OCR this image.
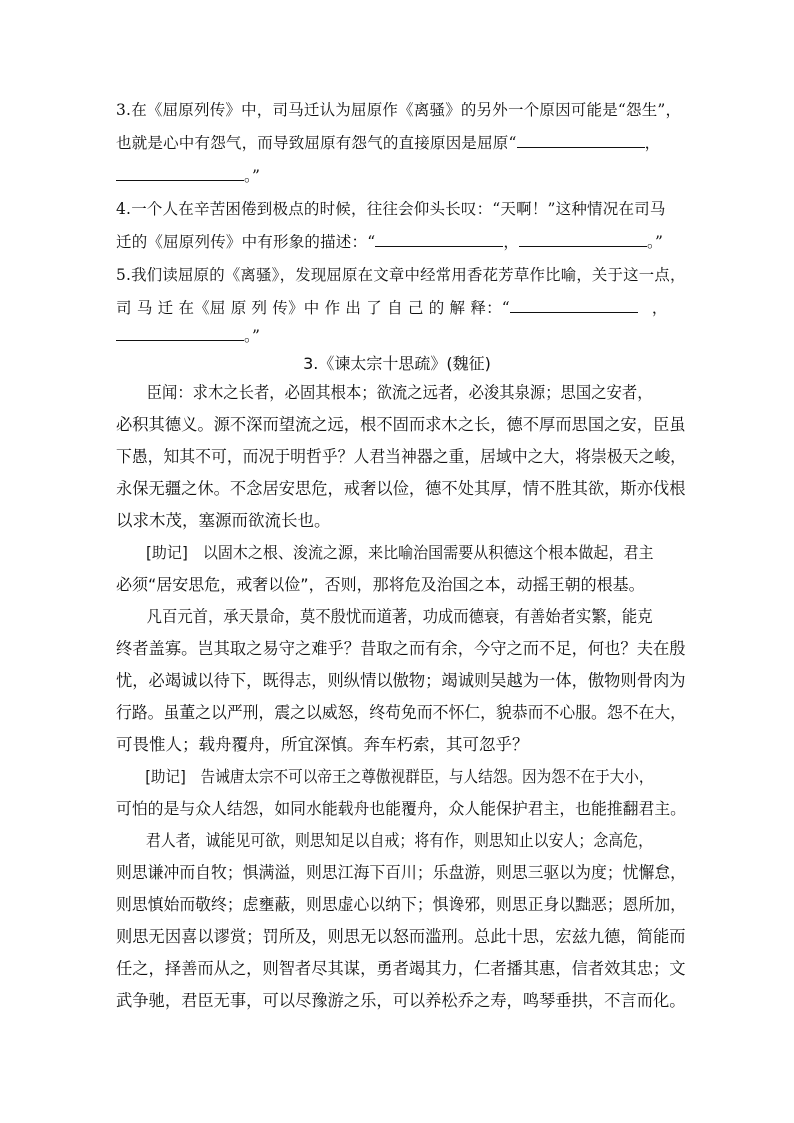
3.在《屈原列传》中，司马迁认为屈原作《离骚》的另外一个原因可能是“怨生”，
也就是心中有怨气，而导致屈原有怨气的直接原因是屈原“	，
。”
4.一个人在辛苦困倦到极点的时候，往往会仰头长叹：“天啊！”这种情况在司马
迁的《屈原列传》中有形象的描述：“	，	。”
5.我们读屈原的《离骚》，发现屈原在文章中经常用香花芳草作比喻，关于这一点，
司 马 迁 在《屈 原 列 传》中 作 出 了 自 己 的 解 释：“	，
。”
3.《谏太宗十思疏》(魏征)
臣闻：求木之长者，必固其根本；欲流之远者，必浚其泉源；思国之安者，
必积其德义。源不深而望流之远，根不固而求木之长，德不厚而思国之安，臣虽
下愚，知其不可，而况于明哲乎？人君当神器之重，居域中之大，将崇极天之峻，
永保无疆之休。不念居安思危，戒奢以俭，德不处其厚，情不胜其欲，斯亦伐根
以求木茂，塞源而欲流长也。
[助记]　以固木之根、浚流之源，来比喻治国需要从积德这个根本做起，君主
必须“居安思危，戒奢以俭”，否则，那将危及治国之本，动摇王朝的根基。
凡百元首，承天景命，莫不殷忧而道著，功成而德衰，有善始者实繁，能克
终者盖寡。岂其取之易守之难乎？昔取之而有余，今守之而不足，何也？夫在殷
忧，必竭诚以待下，既得志，则纵情以傲物；竭诚则吴越为一体，傲物则骨肉为
行路。虽董之以严刑，震之以威怒，终苟免而不怀仁，貌恭而不心服。怨不在大，
可畏惟人；载舟覆舟，所宜深慎。奔车朽索，其可忽乎？
[助记]　告诫唐太宗不可以帝王之尊傲视群臣，与人结怨。因为怨不在于大小，
可怕的是与众人结怨，如同水能载舟也能覆舟，众人能保护君主，也能推翻君主。
君人者，诚能见可欲，则思知足以自戒；将有作，则思知止以安人；念高危，
则思谦冲而自牧；惧满溢，则思江海下百川；乐盘游，则思三驱以为度；忧懈怠，
则思慎始而敬终；虑壅蔽，则思虚心以纳下；惧谗邪，则思正身以黜恶；恩所加，
则思无因喜以谬赏；罚所及，则思无以怒而滥刑。总此十思，宏兹九德，简能而
任之，择善而从之，则智者尽其谋，勇者竭其力，仁者播其惠，信者效其忠；文
武争驰，君臣无事，可以尽豫游之乐，可以养松乔之寿，鸣琴垂拱，不言而化。
